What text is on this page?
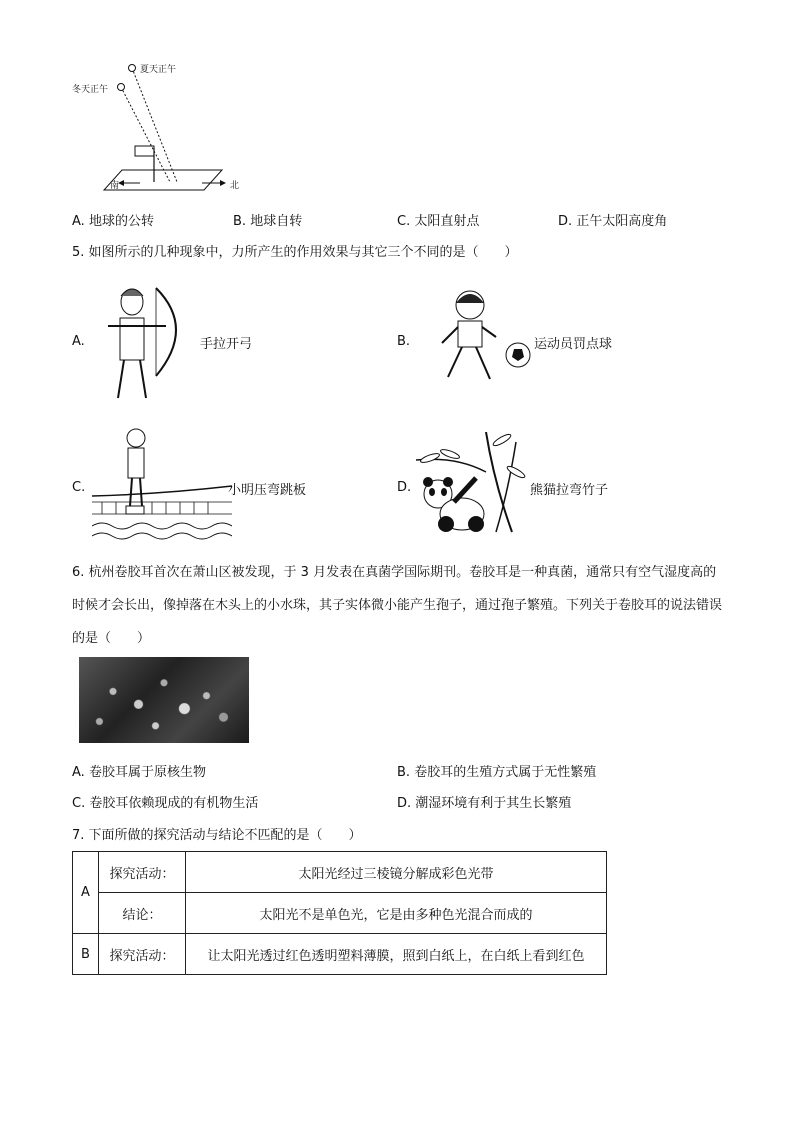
夏天正午
冬天正午
南	北
A. 地球的公转	B. 地球自转	C. 太阳直射点	D. 正午太阳高度角
5. 如图所示的几种现象中，力所产生的作用效果与其它三个不同的是（　　）
A.	手拉开弓	B.	运动员罚点球
C.	小明压弯跳板	D.	熊猫拉弯竹子
6. 杭州卷胶耳首次在萧山区被发现，于 3 月发表在真菌学国际期刊。卷胶耳是一种真菌，通常只有空气湿度高的时候才会长出，像掉落在木头上的小水珠，其子实体微小能产生孢子，通过孢子繁殖。下列关于卷胶耳的说法错误的是（　　）
A. 卷胶耳属于原核生物	B. 卷胶耳的生殖方式属于无性繁殖
C. 卷胶耳依赖现成的有机物生活	D. 潮湿环境有利于其生长繁殖
7. 下面所做的探究活动与结论不匹配的是（　　）
A	探究活动：	太阳光经过三棱镜分解成彩色光带
	结论：	太阳光不是单色光，它是由多种色光混合而成的
B	探究活动：	让太阳光透过红色透明塑料薄膜，照到白纸上，在白纸上看到红色
